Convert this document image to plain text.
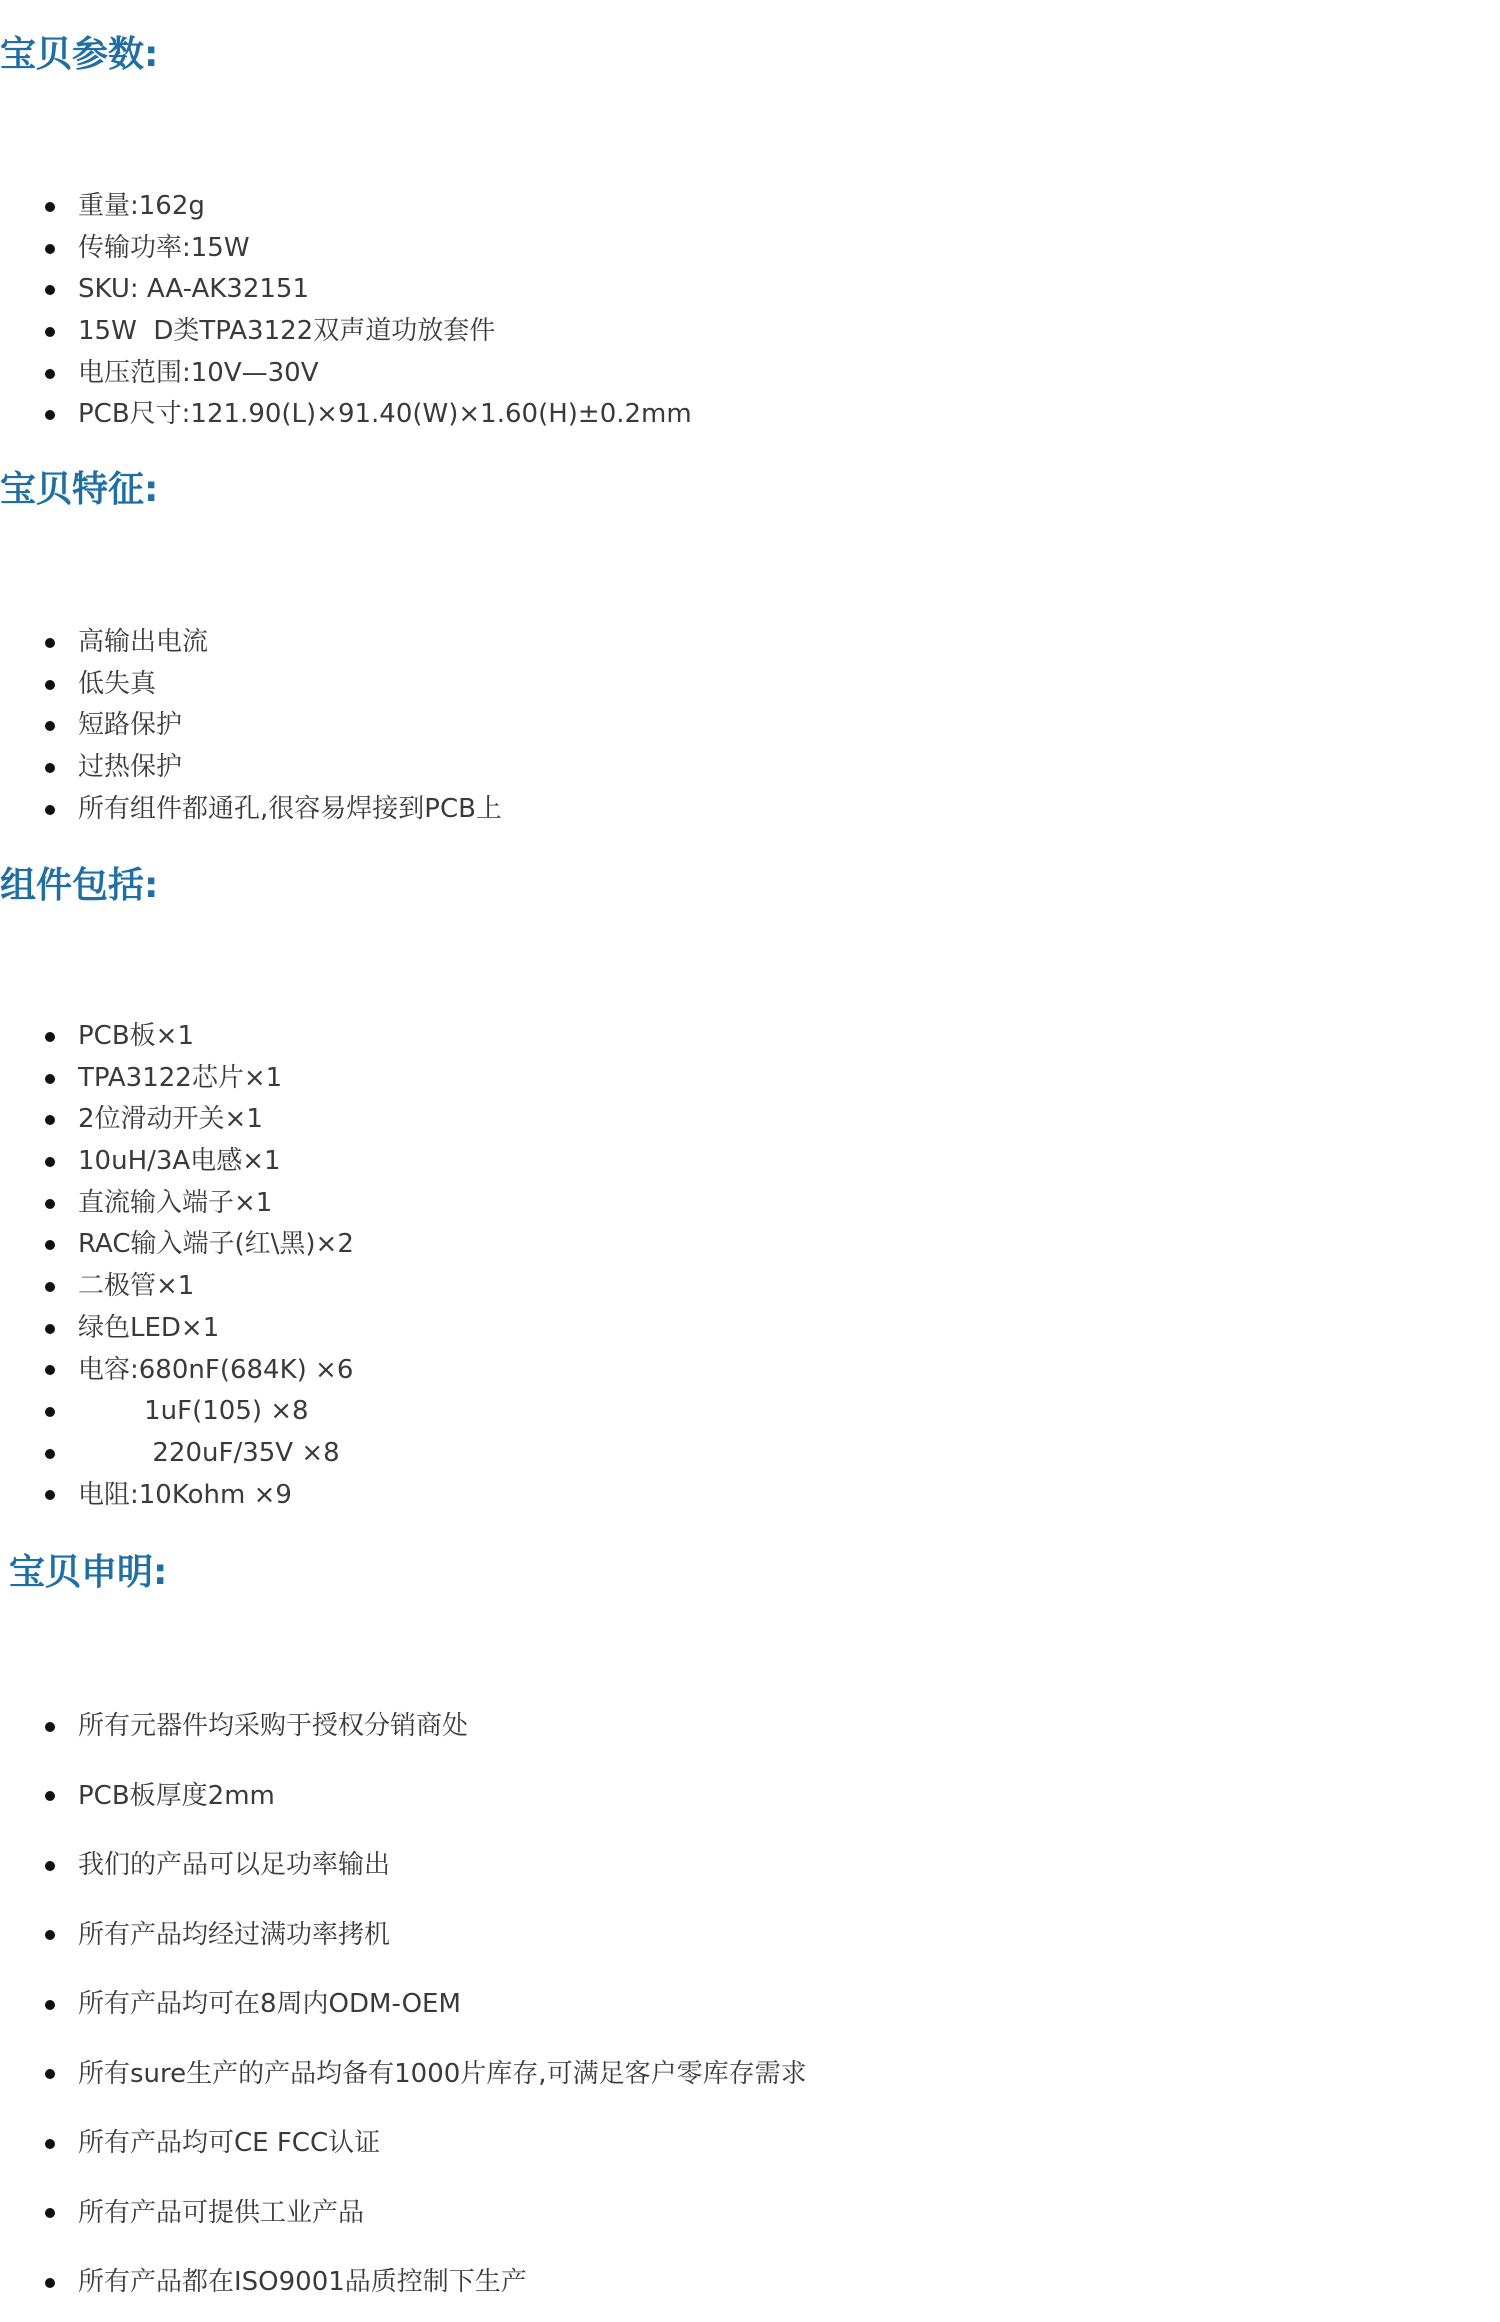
宝贝参数:
重量:162g
传输功率:15W
SKU: AA-AK32151
15W  D类TPA3122双声道功放套件
电压范围:10V—30V
PCB尺寸:121.90(L)×91.40(W)×1.60(H)±0.2mm
宝贝特征:
高输出电流
低失真
短路保护
过热保护
所有组件都通孔,很容易焊接到PCB上
组件包括:
PCB板×1
TPA3122芯片×1
2位滑动开关×1
10uH/3A电感×1
直流输入端子×1
RAC输入端子(红\黑)×2
二极管×1
绿色LED×1
电容:680nF(684K) ×6
1uF(105) ×8
220uF/35V ×8
电阻:10Kohm ×9
宝贝申明:
所有元器件均采购于授权分销商处
PCB板厚度2mm
我们的产品可以足功率输出
所有产品均经过满功率拷机
所有产品均可在8周内ODM-OEM
所有sure生产的产品均备有1000片库存,可满足客户零库存需求
所有产品均可CE FCC认证
所有产品可提供工业产品
所有产品都在ISO9001品质控制下生产
